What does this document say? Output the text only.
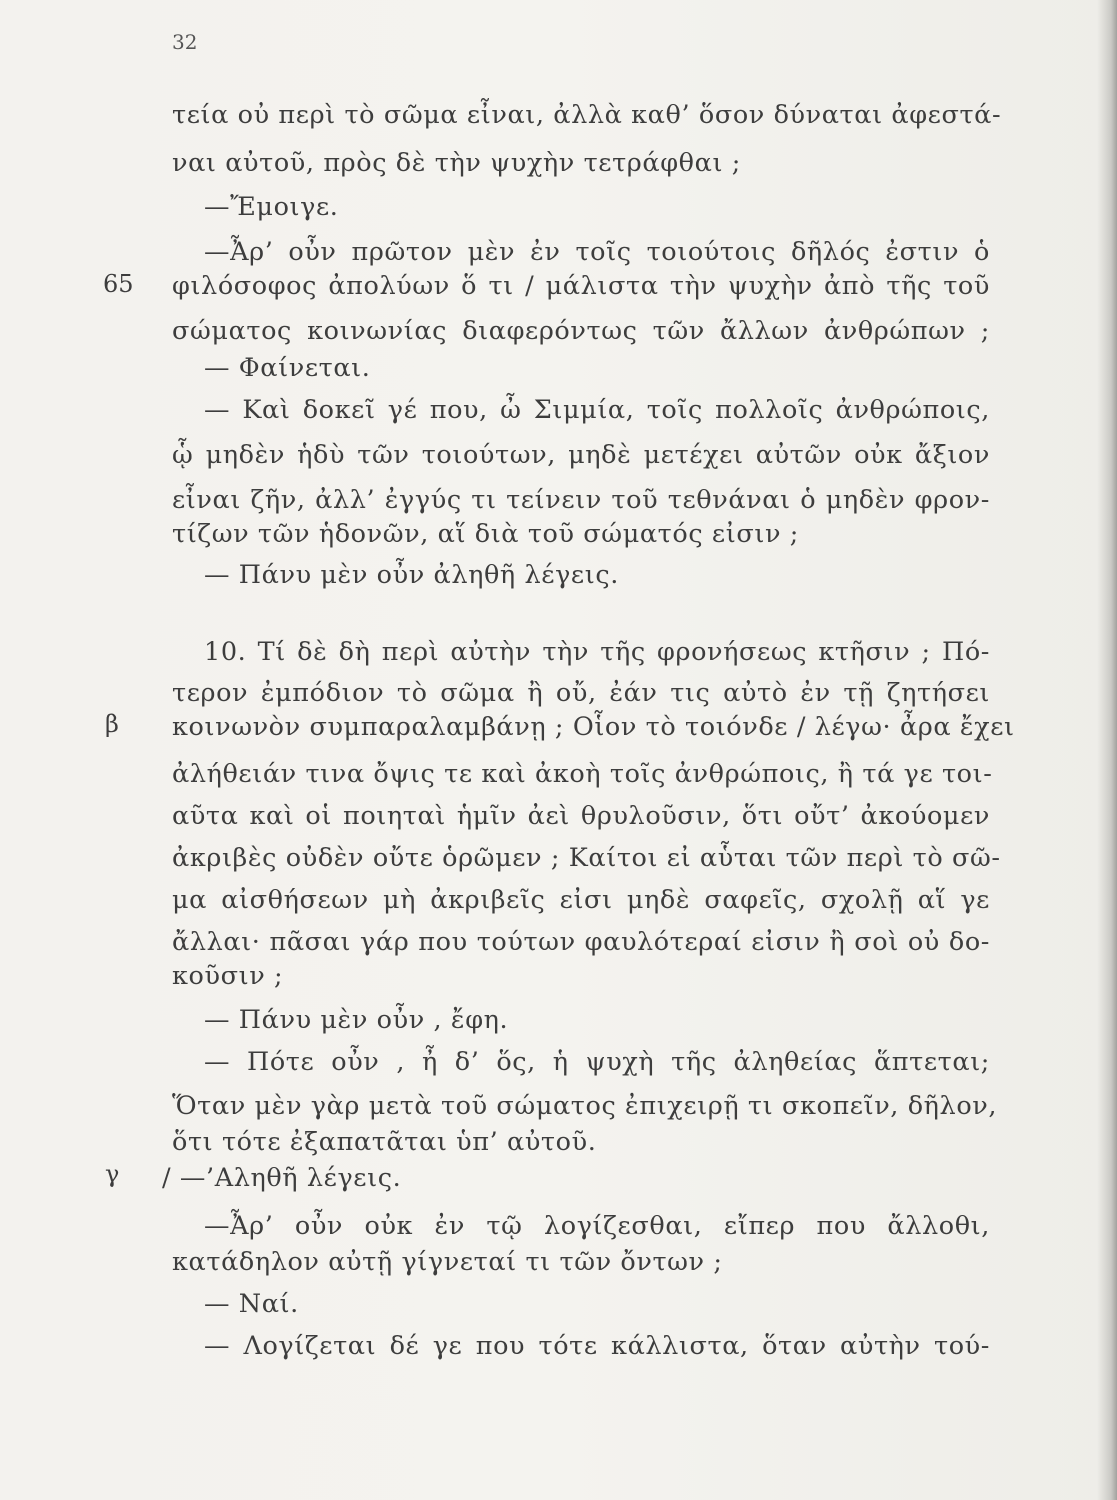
32
65
β
γ
τεία οὐ περὶ τὸ σῶμα εἶναι, ἀλλὰ καθ’ ὅσον δύναται ἀφεστά-
ναι αὐτοῦ, πρὸς δὲ τὴν ψυχὴν τετράφθαι ;
—Ἔμοιγε.
—Ἆρ’ οὖν πρῶτον μὲν ἐν τοῖς τοιούτοις δῆλός ἐστιν ὁ
φιλόσοφος ἀπολύων ὅ τι / μάλιστα τὴν ψυχὴν ἀπὸ τῆς τοῦ
σώματος κοινωνίας διαφερόντως τῶν ἄλλων ἀνθρώπων ;
— Φαίνεται.
— Καὶ δοκεῖ γέ που, ὦ Σιμμία, τοῖς πολλοῖς ἀνθρώποις,
ᾧ μηδὲν ἡδὺ τῶν τοιούτων, μηδὲ μετέχει αὐτῶν οὐκ ἄξιον
εἶναι ζῆν, ἀλλ’ ἐγγύς τι τείνειν τοῦ τεθνάναι ὁ μηδὲν φρον-
τίζων τῶν ἡδονῶν, αἵ διὰ τοῦ σώματός εἰσιν ;
— Πάνυ μὲν οὖν ἀληθῆ λέγεις.
10. Τί δὲ δὴ περὶ αὐτὴν τὴν τῆς φρονήσεως κτῆσιν ; Πό-
τερον ἐμπόδιον τὸ σῶμα ἢ οὔ, ἐάν τις αὐτὸ ἐν τῇ ζητήσει
κοινωνὸν συμπαραλαμβάνῃ ; Οἷον τὸ τοιόνδε / λέγω· ἆρα ἔχει
ἀλήθειάν τινα ὄψις τε καὶ ἀκοὴ τοῖς ἀνθρώποις, ἢ τά γε τοι-
αῦτα καὶ οἱ ποιηταὶ ἡμῖν ἀεὶ θρυλοῦσιν, ὅτι οὔτ’ ἀκούομεν
ἀκριβὲς οὐδὲν οὔτε ὁρῶμεν ; Καίτοι εἰ αὗται τῶν περὶ τὸ σῶ-
μα αἰσθήσεων μὴ ἀκριβεῖς εἰσι μηδὲ σαφεῖς, σχολῇ αἵ γε
ἄλλαι· πᾶσαι γάρ που τούτων φαυλότεραί εἰσιν ἢ σοὶ οὐ δο-
κοῦσιν ;
— Πάνυ μὲν οὖν , ἔφη.
— Πότε οὖν , ἦ δ’ ὅς, ἡ ψυχὴ τῆς ἀληθείας ἅπτεται;
Ὅταν μὲν γὰρ μετὰ τοῦ σώματος ἐπιχειρῇ τι σκοπεῖν, δῆλον,
ὅτι τότε ἐξαπατᾶται ὑπ’ αὐτοῦ.
/ —’Αληθῆ λέγεις.
—Ἆρ’ οὖν οὐκ ἐν τῷ λογίζεσθαι, εἴπερ που ἄλλοθι,
κατάδηλον αὐτῇ γίγνεταί τι τῶν ὄντων ;
— Ναί.
— Λογίζεται δέ γε που τότε κάλλιστα, ὅταν αὐτὴν τού-
